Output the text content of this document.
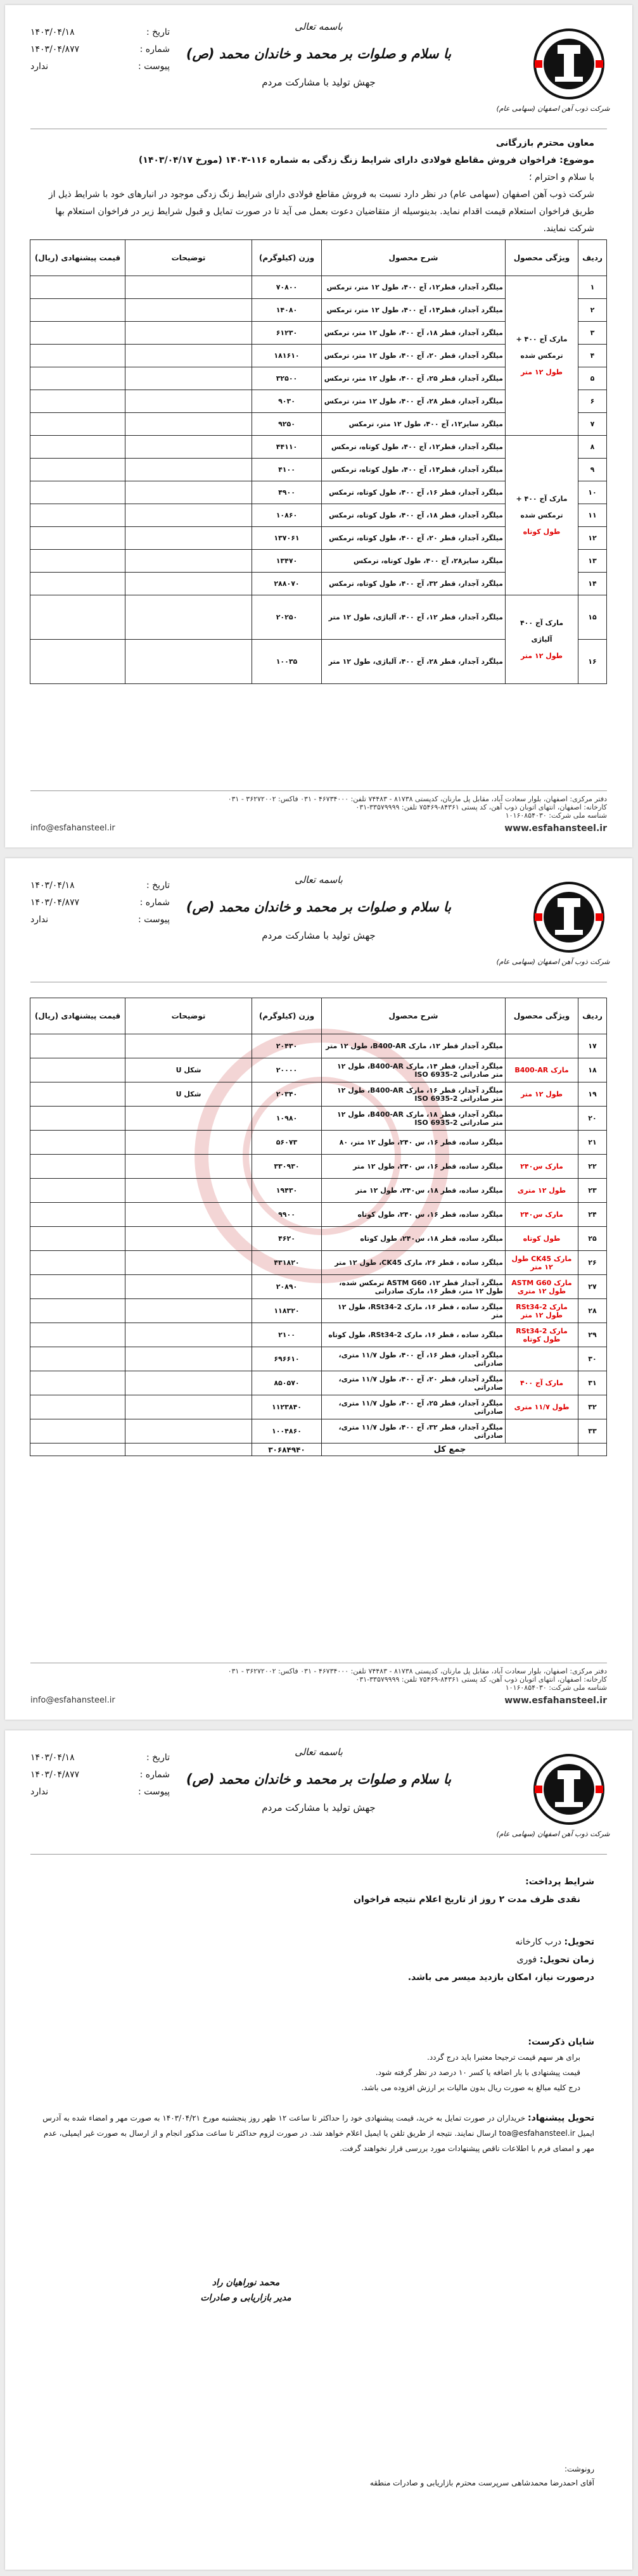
شرکت ذوب آهن اصفهان (سهامی عام)
باسمه تعالی
با سلام و صلوات بر محمد و خاندان محمد (ص)
جهش تولید با مشارکت مردم
تاریخ :
۱۴۰۳/۰۴/۱۸
شماره :
۱۴۰۳/۰۴/۸۷۷
پیوست :
ندارد
معاون محترم بازرگانی
موضوع: فراخوان فروش مقاطع فولادی دارای شرایط زنگ زدگی به شماره ۱۱۶-۱۴۰۳ (مورخ ۱۴۰۳/۰۴/۱۷)
با سلام و احترام ؛
شرکت ذوب آهن اصفهان (سهامی عام) در نظر دارد نسبت به فروش مقاطع فولادی دارای شرایط زنگ زدگی موجود در انبارهای خود با شرایط ذیل از طریق فراخوان استعلام قیمت اقدام نماید. بدینوسیله از متقاضیان دعوت بعمل می آید تا در صورت تمایل و قبول شرایط زیر در فراخوان استعلام بها شرکت نمایند.
ردیف	ویژگی محصول	شرح محصول	وزن (کیلوگرم)	توضیحات	قیمت پیشنهادی (ریال)
۱	مارک آج ۴۰۰ +
ترمکس شده
طول ۱۲ متر	میلگرد آجدار، قطر۱۲، آج ۴۰۰، طول ۱۲ متر، ترمکس	۷۰۸۰۰		
۲		میلگرد آجدار، قطر۱۴، آج ۴۰۰، طول ۱۲ متر، ترمکس	۱۴۰۸۰		
۳		میلگرد آجدار، قطر ۱۸، آج ۴۰۰، طول ۱۲ متر، ترمکس	۶۱۲۳۰		
۴		میلگرد آجدار، قطر ۲۰، آج ۴۰۰، طول ۱۲ متر، ترمکس	۱۸۱۶۱۰		
۵		میلگرد آجدار، قطر ۲۵، آج ۴۰۰، طول ۱۲ متر، ترمکس	۳۲۵۰۰		
۶		میلگرد آجدار، قطر ۲۸، آج ۴۰۰، طول ۱۲ متر، ترمکس	۹۰۳۰		
۷		میلگرد سایز۱۲، آج ۴۰۰، طول ۱۲ متر، ترمکس	۹۲۵۰		
۸	مارک آج ۴۰۰ +
ترمکس شده
طول کوتاه	میلگرد آجدار، قطر۱۲، آج ۴۰۰، طول کوتاه، ترمکس	۴۴۱۱۰		
۹		میلگرد آجدار، قطر۱۴، آج ۴۰۰، طول کوتاه، ترمکس	۴۱۰۰		
۱۰		میلگرد آجدار، قطر ۱۶، آج ۴۰۰، طول کوتاه، ترمکس	۴۹۰۰		
۱۱		میلگرد آجدار، قطر ۱۸، آج ۴۰۰، طول کوتاه، ترمکس	۱۰۸۶۰		
۱۲		میلگرد آجدار، قطر ۲۰، آج ۴۰۰، طول کوتاه، ترمکس	۱۳۷۰۶۱		
۱۳		میلگرد سایز۲۸، آج ۴۰۰، طول کوتاه، ترمکس	۱۳۴۷۰		
۱۴		میلگرد آجدار، قطر ۳۲، آج ۴۰۰، طول کوتاه، ترمکس	۲۸۸۰۷۰		
۱۵	مارک آج ۴۰۰
آلیاژی
طول ۱۲ متر	میلگرد آجدار، قطر ۱۲، آج ۴۰۰، آلیاژی، طول ۱۲ متر	۲۰۲۵۰		
۱۶		میلگرد آجدار، قطر ۲۸، آج ۴۰۰، آلیاژی، طول ۱۲ متر	۱۰۰۳۵		
دفتر مرکزی: اصفهان، بلوار سعادت آباد، مقابل پل مارنان، کدپستی ۸۱۷۳۸ - ۷۴۴۸۳ تلفن: ۴۶۷۳۴۰۰۰ - ۰۳۱ فاکس: ۳۶۲۷۲۰۰۲ - ۰۳۱
کارخانه: اصفهان، انتهای اتوبان ذوب آهن، کد پستی ۸۴۳۶۱-۷۵۴۶۹ تلفن: ۳۳۵۷۹۹۹۹-۰۳۱
شناسه ملی شرکت: ۱۰۱۶۰۸۵۴۰۳۰
www.esfahansteel.ir
info@esfahansteel.ir
شرکت ذوب آهن اصفهان (سهامی عام)
باسمه تعالی
با سلام و صلوات بر محمد و خاندان محمد (ص)
جهش تولید با مشارکت مردم
تاریخ :
۱۴۰۳/۰۴/۱۸
شماره :
۱۴۰۳/۰۴/۸۷۷
پیوست :
ندارد
ردیف	ویژگی محصول	شرح محصول	وزن (کیلوگرم)	توضیحات	قیمت پیشنهادی (ریال)
۱۷		میلگرد آجدار قطر ۱۲، مارک B400-AR، طول ۱۲ متر	۲۰۴۳۰		
۱۸	مارک B400-AR	میلگرد آجدار، قطر ۱۴، مارک B400-AR، طول ۱۲ متر صادراتی ISO 6935-2	۲۰۰۰۰	شکل U	
۱۹	طول ۱۲ متر	میلگرد آجدار، قطر ۱۶، مارک B400-AR، طول ۱۲ متر صادراتی ISO 6935-2	۲۰۳۴۰	شکل U	
۲۰		میلگرد آجدار، قطر ۱۸، مارک B400-AR، طول ۱۲ متر صادراتی ISO 6935-2	۱۰۹۸۰		
۲۱		میلگرد ساده، قطر ۱۶، س ۲۴۰، طول ۱۲ متر، ۸۰	۵۶۰۷۳		
۲۲	مارک س۲۴۰	میلگرد ساده، قطر ۱۶، س ۲۴۰، طول ۱۲ متر	۳۳۰۹۳۰		
۲۳	طول ۱۲ متری	میلگرد ساده، قطر ۱۸، س۲۴۰، طول ۱۲ متر	۱۹۴۳۰		
۲۴	مارک س۲۴۰	میلگرد ساده، قطر ۱۶، س ۲۴۰، طول کوتاه	۹۹۰۰		
۲۵	طول کوتاه	میلگرد ساده، قطر ۱۸، س۲۴۰، طول کوتاه	۴۶۲۰		
۲۶	مارک CK45 طول ۱۲ متر	میلگرد ساده ، قطر ۲۶، مارک CK45، طول ۱۲ متر	۴۳۱۸۲۰		
۲۷	مارک ASTM G60 طول ۱۲ متری	میلگرد آجدار قطر ۱۲، ASTM G60 ترمکس شده، طول ۱۲ متر، قطر ۱۶، مارک صادراتی	۲۰۸۹۰		
۲۸	مارک RSt34-2 طول ۱۲ متر	میلگرد ساده ، قطر ۱۶، مارک RSt34-2، طول ۱۲ متر	۱۱۸۳۲۰		
۲۹	مارک RSt34-2 طول کوتاه	میلگرد ساده ، قطر ۱۶، مارک RSt34-2، طول کوتاه	۲۱۰۰		
۳۰		میلگرد آجدار، قطر ۱۶، آج ۴۰۰، طول ۱۱/۷ متری، صادراتی	۶۹۶۶۱۰		
۳۱	مارک آج ۴۰۰	میلگرد آجدار، قطر ۲۰، آج ۴۰۰، طول ۱۱/۷ متری، صادراتی	۸۵۰۵۷۰		
۳۲	طول ۱۱/۷ متری	میلگرد آجدار، قطر ۲۵، آج ۴۰۰، طول ۱۱/۷ متری، صادراتی	۱۱۲۳۸۴۰		
۳۳		میلگرد آجدار، قطر ۳۲، آج ۴۰۰، طول ۱۱/۷ متری، صادراتی	۱۰۰۴۸۶۰		
	جمع کل		۳۰۶۸۴۹۴۰		
دفتر مرکزی: اصفهان، بلوار سعادت آباد، مقابل پل مارنان، کدپستی ۸۱۷۳۸ - ۷۴۴۸۳ تلفن: ۴۶۷۳۴۰۰۰ - ۰۳۱ فاکس: ۳۶۲۷۲۰۰۲ - ۰۳۱
کارخانه: اصفهان، انتهای اتوبان ذوب آهن، کد پستی ۸۴۳۶۱-۷۵۴۶۹ تلفن: ۳۳۵۷۹۹۹۹-۰۳۱
شناسه ملی شرکت: ۱۰۱۶۰۸۵۴۰۳۰
www.esfahansteel.ir
info@esfahansteel.ir
شرکت ذوب آهن اصفهان (سهامی عام)
باسمه تعالی
با سلام و صلوات بر محمد و خاندان محمد (ص)
جهش تولید با مشارکت مردم
تاریخ :
۱۴۰۳/۰۴/۱۸
شماره :
۱۴۰۳/۰۴/۸۷۷
پیوست :
ندارد
شرایط پرداخت:
نقدی ظرف مدت ۲ روز از تاریخ اعلام نتیجه فراخوان
تحویل: درب کارخانه
زمان تحویل: فوری
درصورت نیاز، امکان بازدید میسر می باشد.
شایان ذکرست:
برای هر سهم قیمت ترجیحا معتبرا باید درج گردد.
قیمت پیشنهادی با بار اضافه یا کسر ۱۰ درصد در نظر گرفته شود.
درج کلیه مبالغ به صورت ریال بدون مالیات بر ارزش افزوده می باشد.
تحویل پیشنهاد: خریداران در صورت تمایل به خرید، قیمت پیشنهادی خود را حداکثر تا ساعت ۱۲ ظهر روز پنجشنبه مورخ ۱۴۰۳/۰۴/۲۱ به صورت مهر و امضاء شده به آدرس ایمیل toa@esfahansteel.ir ارسال نمایند. نتیجه از طریق تلفن یا ایمیل اعلام خواهد شد. در صورت لزوم حداکثر تا ساعت مذکور انجام و از ارسال به صورت غیر ایمیلی، عدم مهر و امضای فرم با اطلاعات ناقص پیشنهادات مورد بررسی قرار نخواهند گرفت.
محمد نوراهیان راد
مدیر بازاریابی و صادرات
رونوشت:
آقای احمدرضا محمدشاهی سرپرست محترم بازاریابی و صادرات منطقه
